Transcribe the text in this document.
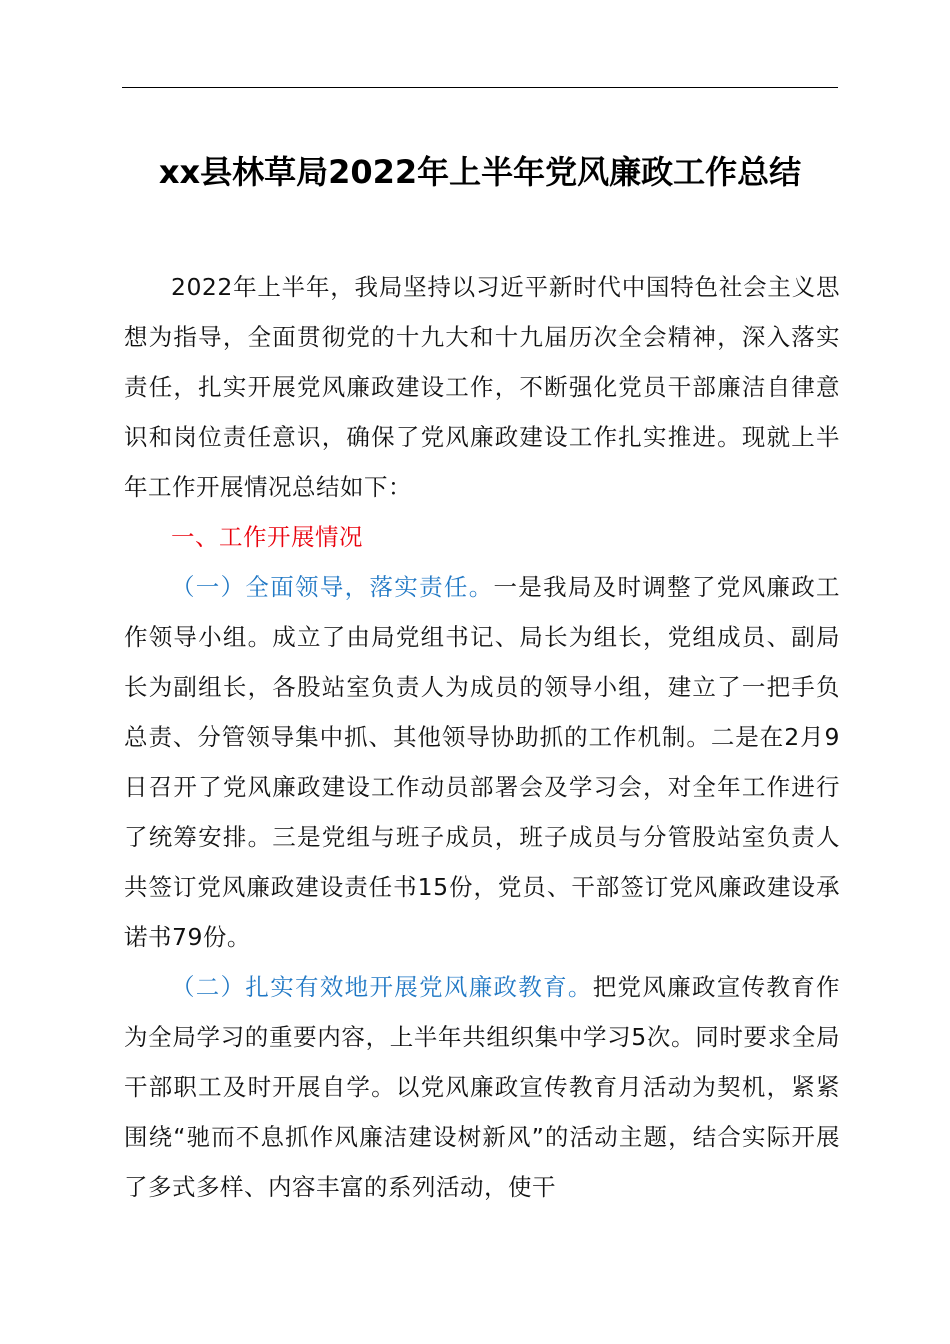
xx县林草局2022年上半年党风廉政工作总结

2022年上半年，我局坚持以习近平新时代中国特色社会主义思想为指导，全面贯彻党的十九大和十九届历次全会精神，深入落实责任，扎实开展党风廉政建设工作，不断强化党员干部廉洁自律意识和岗位责任意识，确保了党风廉政建设工作扎实推进。现就上半年工作开展情况总结如下：

一、工作开展情况

（一）全面领导，落实责任。一是我局及时调整了党风廉政工作领导小组。成立了由局党组书记、局长为组长，党组成员、副局长为副组长，各股站室负责人为成员的领导小组，建立了一把手负总责、分管领导集中抓、其他领导协助抓的工作机制。二是在2月9日召开了党风廉政建设工作动员部署会及学习会，对全年工作进行了统筹安排。三是党组与班子成员，班子成员与分管股站室负责人共签订党风廉政建设责任书15份，党员、干部签订党风廉政建设承诺书79份。

（二）扎实有效地开展党风廉政教育。把党风廉政宣传教育作为全局学习的重要内容，上半年共组织集中学习5次。同时要求全局干部职工及时开展自学。以党风廉政宣传教育月活动为契机，紧紧围绕“驰而不息抓作风廉洁建设树新风”的活动主题，结合实际开展了多式多样、内容丰富的系列活动，使干
